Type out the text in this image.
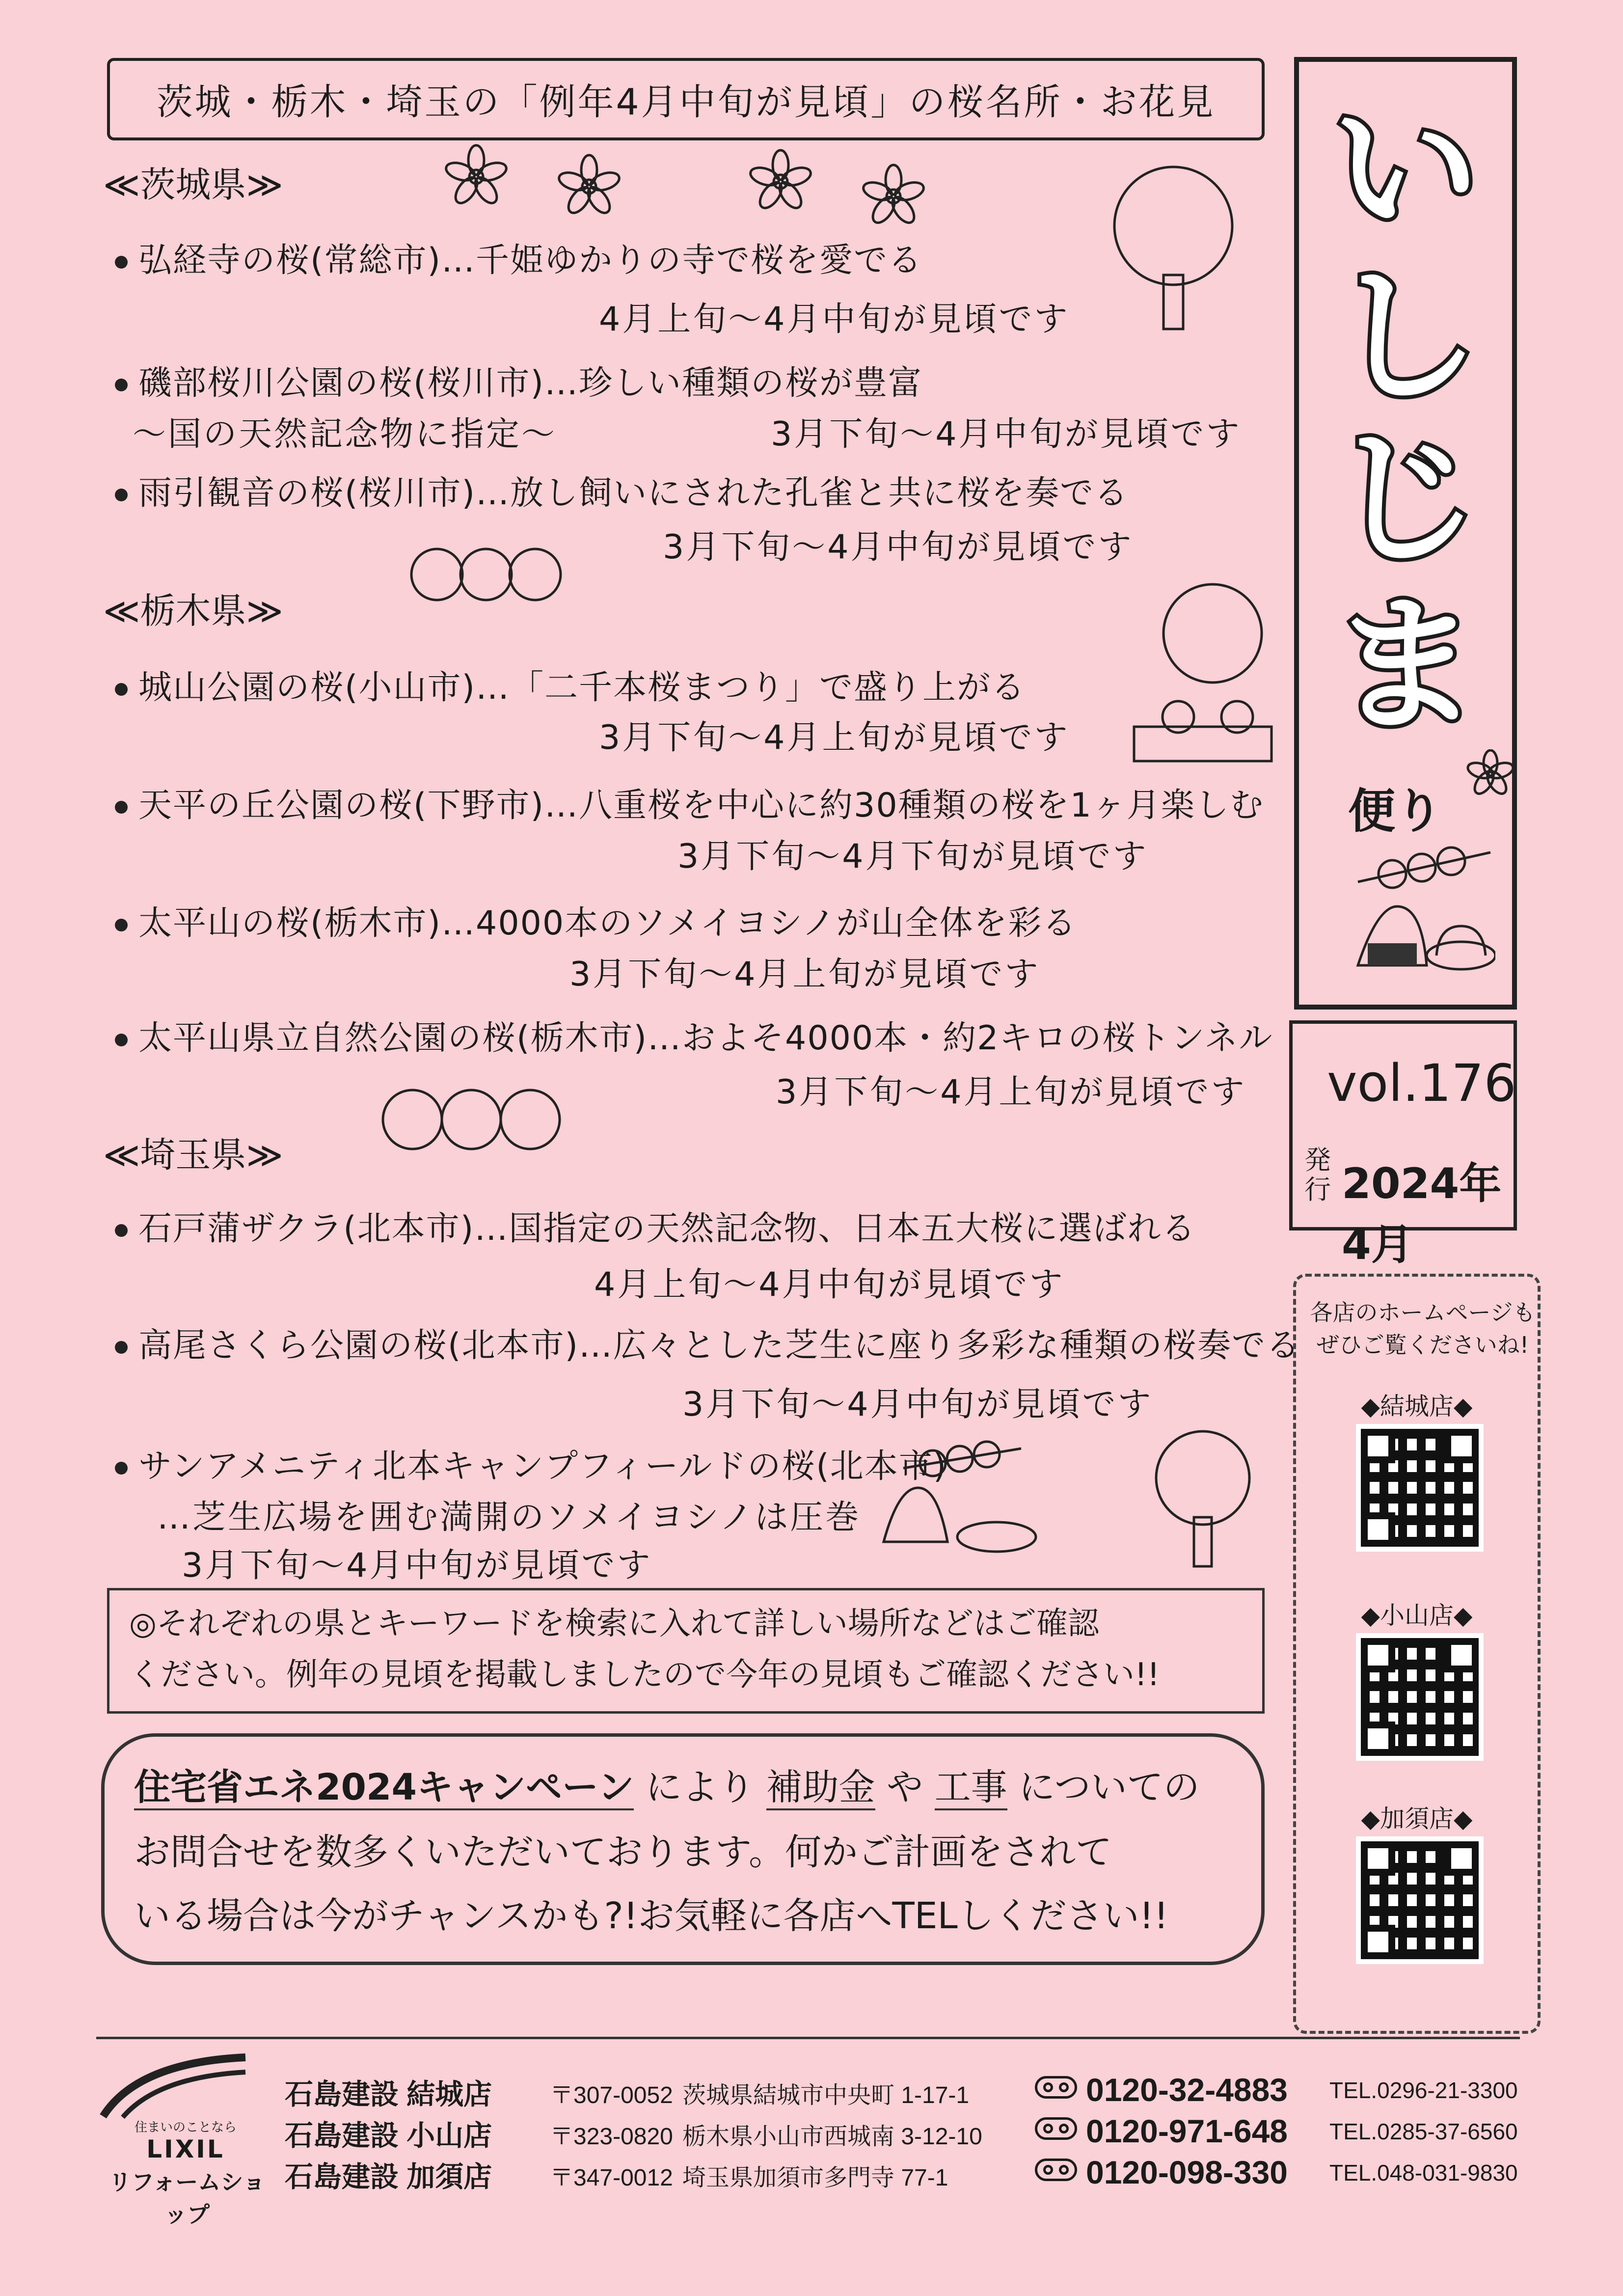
茨城・栃木・埼玉の「例年4月中旬が見頃」の桜名所・お花見 い
し
じ
ま
便り
vol.176
発行 2024年4月
各店のホームページもぜひご覧くださいね!
◆結城店◆
◆小山店◆
◆加須店◆
≪茨城県≫
弘経寺の桜(常総市)…千姫ゆかりの寺で桜を愛でる
4月上旬～4月中旬が見頃です
磯部桜川公園の桜(桜川市)…珍しい種類の桜が豊富
～国の天然記念物に指定～	3月下旬～4月中旬が見頃です
雨引観音の桜(桜川市)…放し飼いにされた孔雀と共に桜を奏でる
3月下旬～4月中旬が見頃です
≪栃木県≫
城山公園の桜(小山市)…「二千本桜まつり」で盛り上がる
3月下旬～4月上旬が見頃です
天平の丘公園の桜(下野市)…八重桜を中心に約30種類の桜を1ヶ月楽しむ
3月下旬～4月下旬が見頃です
太平山の桜(栃木市)…4000本のソメイヨシノが山全体を彩る
3月下旬～4月上旬が見頃です
太平山県立自然公園の桜(栃木市)…およそ4000本・約2キロの桜トンネル
3月下旬～4月上旬が見頃です
≪埼玉県≫
石戸蒲ザクラ(北本市)…国指定の天然記念物、日本五大桜に選ばれる
4月上旬～4月中旬が見頃です
高尾さくら公園の桜(北本市)…広々とした芝生に座り多彩な種類の桜奏でる
3月下旬～4月中旬が見頃です
サンアメニティ北本キャンプフィールドの桜(北本市)
…芝生広場を囲む満開のソメイヨシノは圧巻
3月下旬～4月中旬が見頃です
◎それぞれの県とキーワードを検索に入れて詳しい場所などはご確認
ください。例年の見頃を掲載しましたので今年の見頃もご確認ください!!
住宅省エネ2024キャンペーン により 補助金 や 工事 についての
お問合せを数多くいただいております。何かご計画をされて
いる場合は今がチャンスかも?!お気軽に各店へTELしください!!
住まいのことなら
LIXIL
リフォームショップ
石島建設 結城店 〒307-0052 茨城県結城市中央町 1-17-1	0120-32-4883 TEL.0296-21-3300
石島建設 小山店 〒323-0820 栃木県小山市西城南 3-12-10	0120-971-648 TEL.0285-37-6560
石島建設 加須店 〒347-0012 埼玉県加須市多門寺 77-1	0120-098-330 TEL.048-031-9830
